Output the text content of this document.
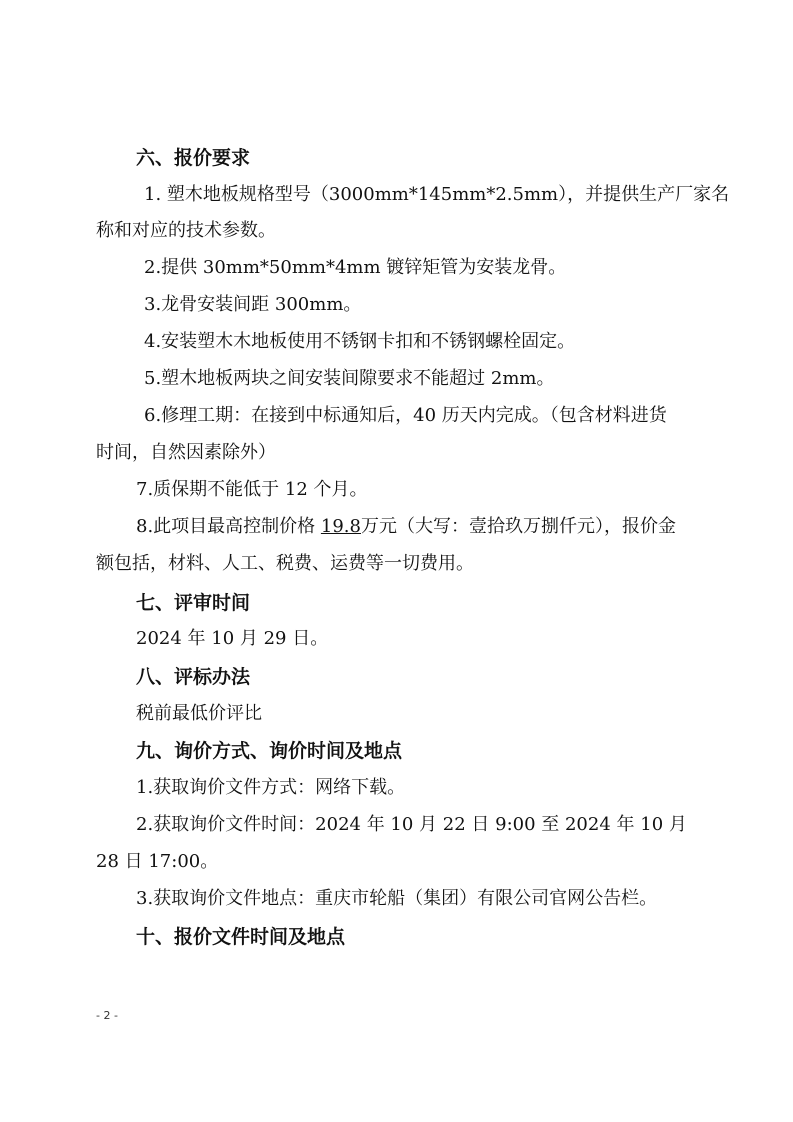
六、报价要求
1. 塑木地板规格型号（3000mm*145mm*2.5mm），并提供生产厂家名
称和对应的技术参数。
2.提供 30mm*50mm*4mm 镀锌矩管为安装龙骨。
3.龙骨安装间距 300mm。
4.安装塑木木地板使用不锈钢卡扣和不锈钢螺栓固定。
5.塑木地板两块之间安装间隙要求不能超过 2mm。
6.修理工期：在接到中标通知后，40 历天内完成。（包含材料进货
时间，自然因素除外）
7.质保期不能低于 12 个月。
8.此项目最高控制价格 19.8万元（大写：壹拾玖万捌仟元），报价金
额包括，材料、人工、税费、运费等一切费用。
七、评审时间
2024 年 10 月 29 日。
八、评标办法
税前最低价评比
九、询价方式、询价时间及地点
1.获取询价文件方式：网络下载。
2.获取询价文件时间：2024 年 10 月 22 日 9:00 至 2024 年 10 月
28 日 17:00。
3.获取询价文件地点：重庆市轮船（集团）有限公司官网公告栏。
十、报价文件时间及地点
- 2 -
